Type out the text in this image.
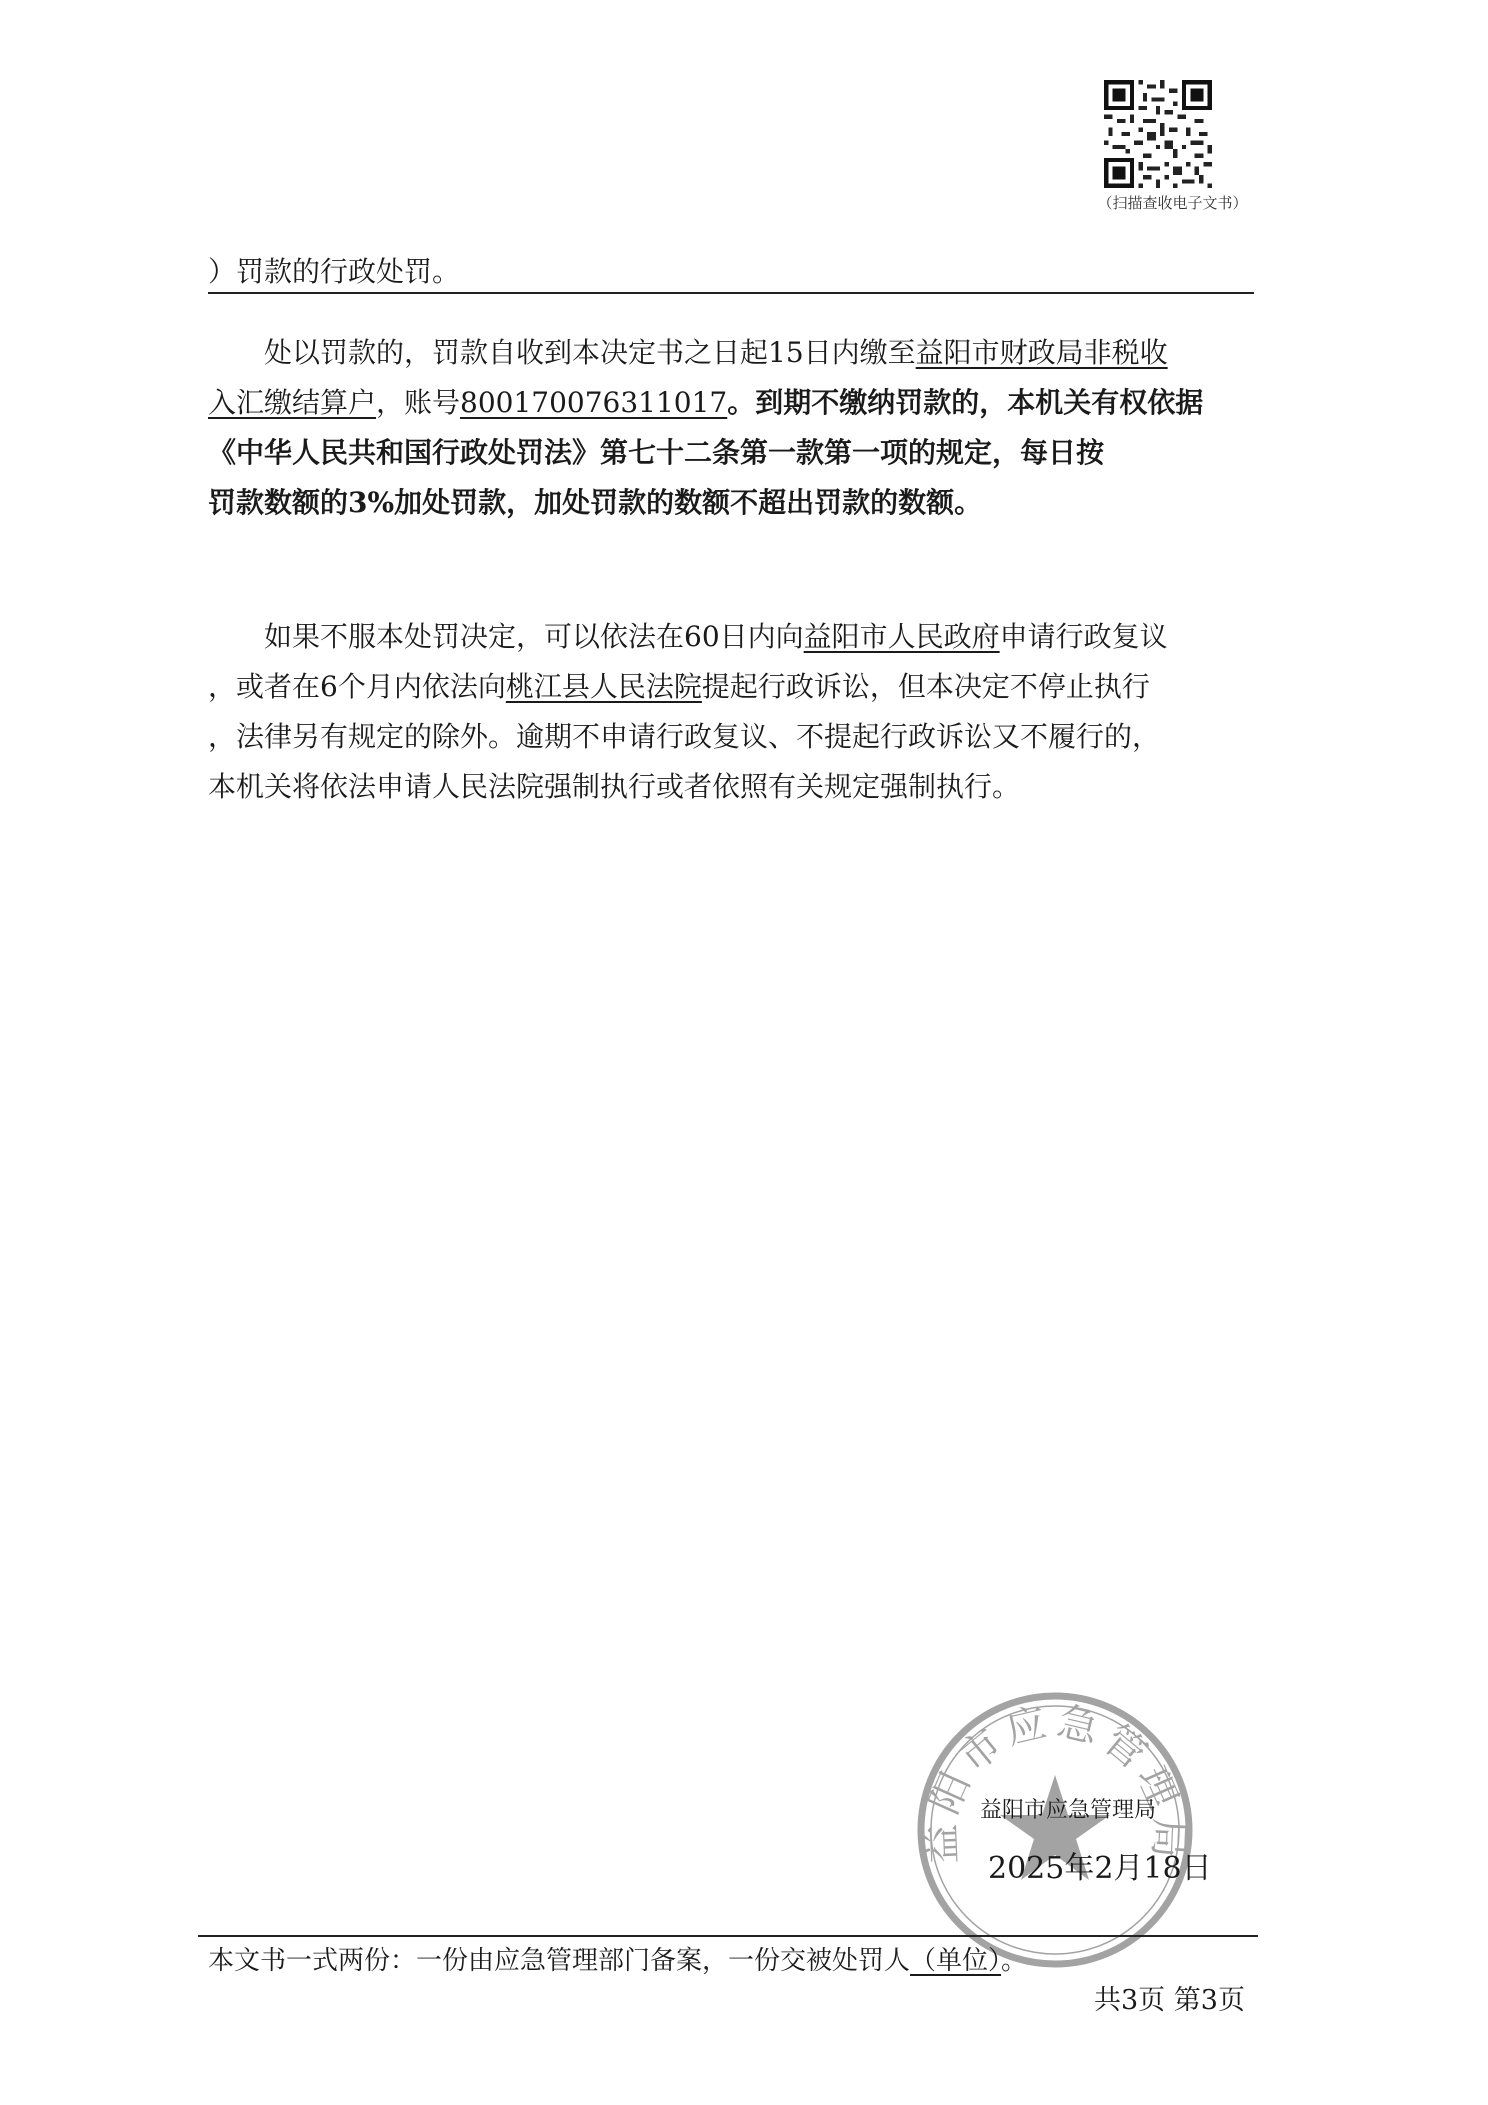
（扫描查收电子文书）
）罚款的行政处罚。
处以罚款的，罚款自收到本决定书之日起15日内缴至益阳市财政局非税收
入汇缴结算户，账号800170076311017。到期不缴纳罚款的，本机关有权依据
《中华人民共和国行政处罚法》第七十二条第一款第一项的规定，每日按
罚款数额的3%加处罚款，加处罚款的数额不超出罚款的数额。
如果不服本处罚决定，可以依法在60日内向益阳市人民政府申请行政复议
，或者在6个月内依法向桃江县人民法院提起行政诉讼，但本决定不停止执行
，法律另有规定的除外。逾期不申请行政复议、不提起行政诉讼又不履行的，
本机关将依法申请人民法院强制执行或者依照有关规定强制执行。
益阳市应急管理局
益阳市应急管理局
2025年2月18日
本文书一式两份：一份由应急管理部门备案，一份交被处罚人（单位）。
共3页 第3页
